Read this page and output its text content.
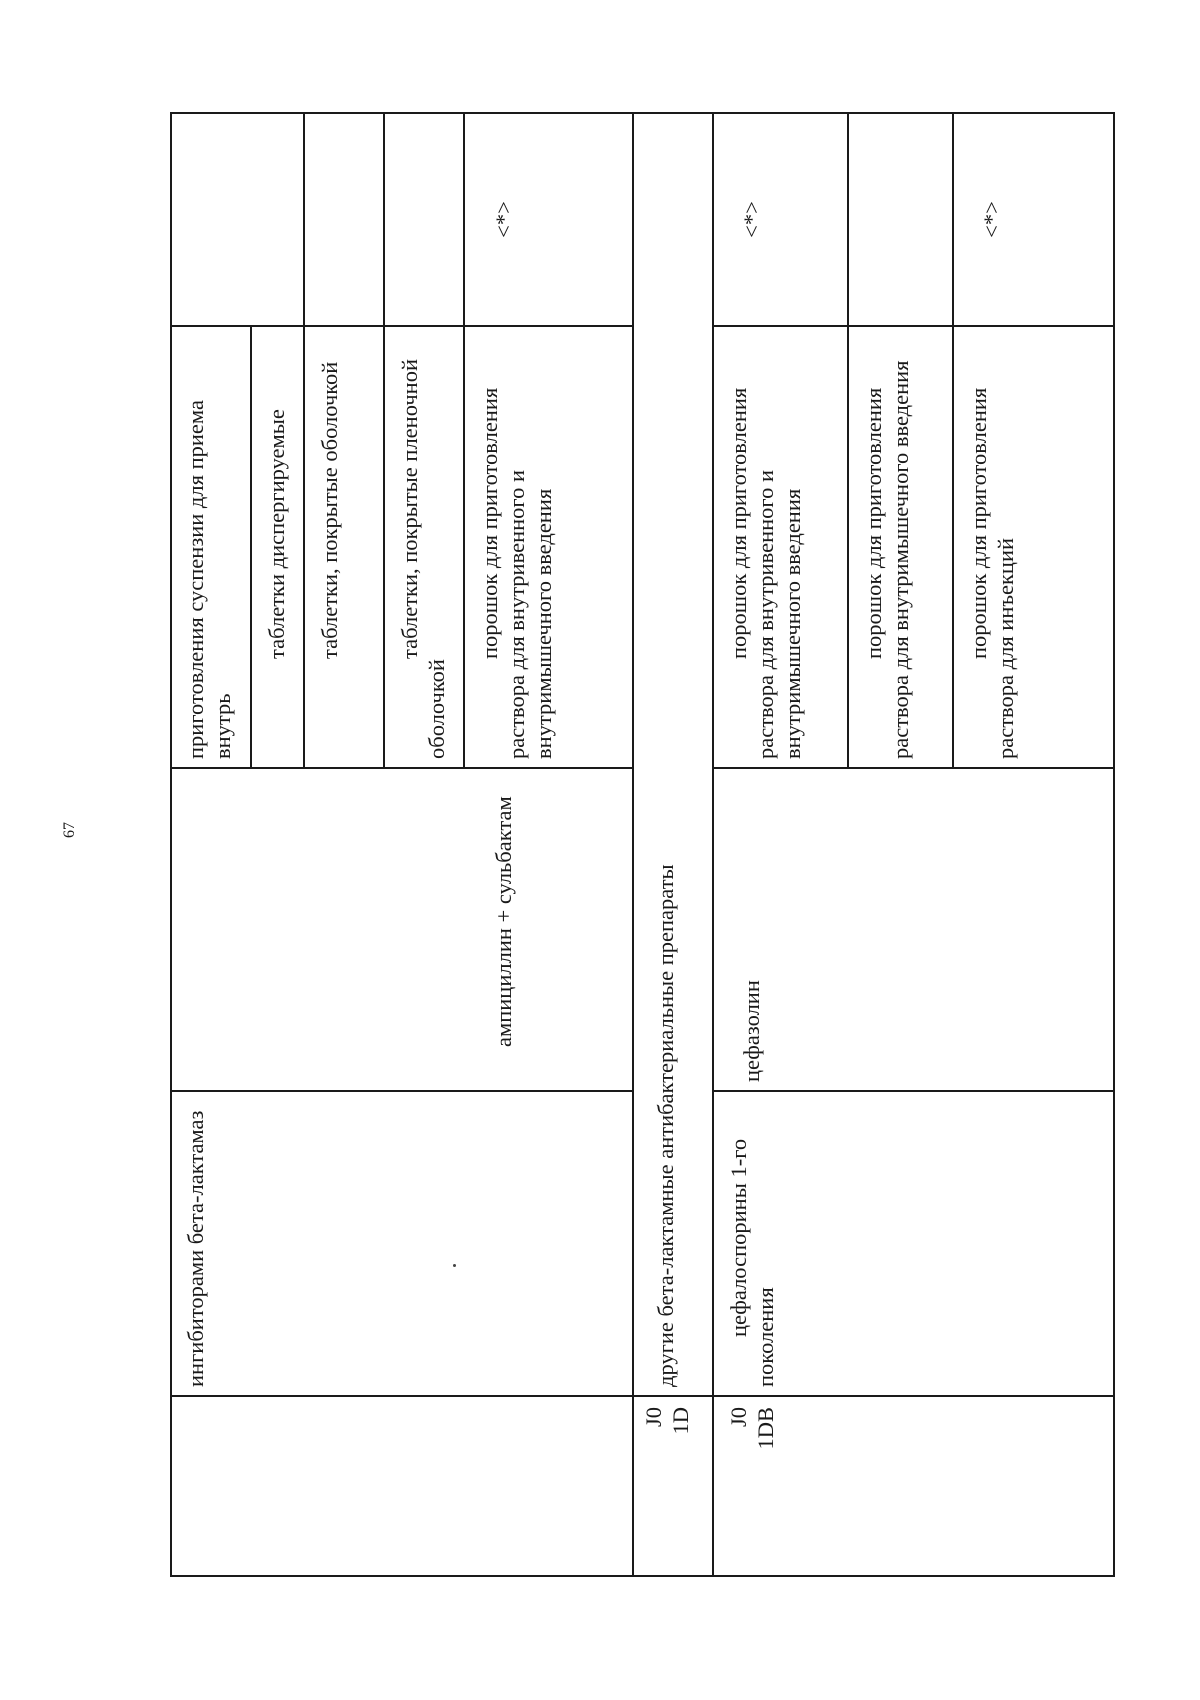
67
ингибиторами бета-лактамаз
приготовления суспензии для приема внутрь
таблетки диспергируемые таблетки, покрытые оболочкой таблетки, покрытые пленочной оболочкой
ампициллин + сульбактам
порошок для приготовления раствора для внутривенного и внутримышечного введения
<*>
J0 1D
другие бета-лактамные антибактериальные препараты
J0 1DB
цефалоспорины 1-го поколения
цефазолин
порошок для приготовления раствора для внутривенного и внутримышечного введения
<*>
порошок для приготовления раствора для внутримышечного введения порошок для приготовления раствора для инъекций
<*>
